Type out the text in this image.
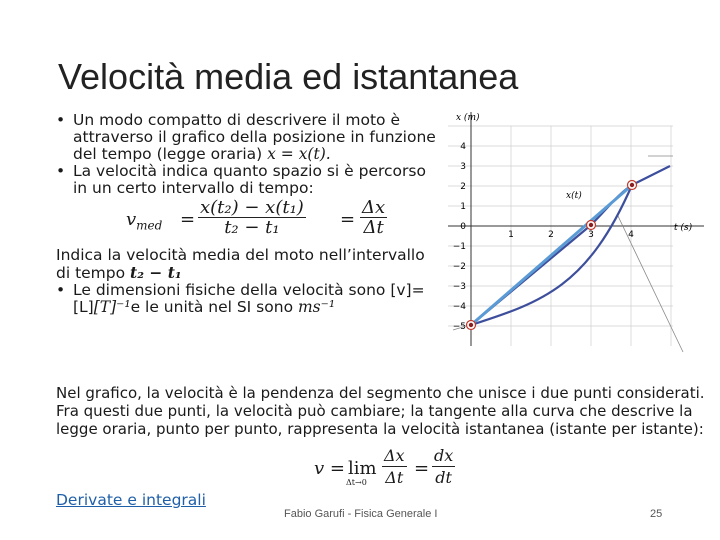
Velocità media ed istantanea

• Un modo compatto di descrivere il moto è attraverso il grafico della posizione in funzione del tempo (legge oraria) x = x(t).

• La velocità indica quanto spazio si è percorso in un certo intervallo di tempo:

$v_{med} = \frac{\text{x(t₂) − x(t₁)}}{\text{t₂ − t₁}} = \frac{\Delta x}{\Delta t}$

Indica la velocità media del moto nell’intervallo di tempo t₂ − t₁

• Le dimensioni fisiche della velocità sono [v]=[L][T]⁻¹e le unità nel SI sono ms⁻¹

x (m)
t (s)
4
3
2
1
0
−1
−2
−3
−4
−5
1	2	3	4
x(t)
Nel grafico, la velocità è la pendenza del segmento che unisce i due punti considerati. Fra questi due punti, la velocità può cambiare; la tangente alla curva che descrive la legge oraria, punto per punto, rappresenta la velocità istantanea (istante per istante):
v = lim
$\Delta t\to 0 \frac{\Delta x}{\Delta t} = \frac{dx}{dt}$
Derivate e integrali
Fabio Garufi - Fisica Generale I	25
